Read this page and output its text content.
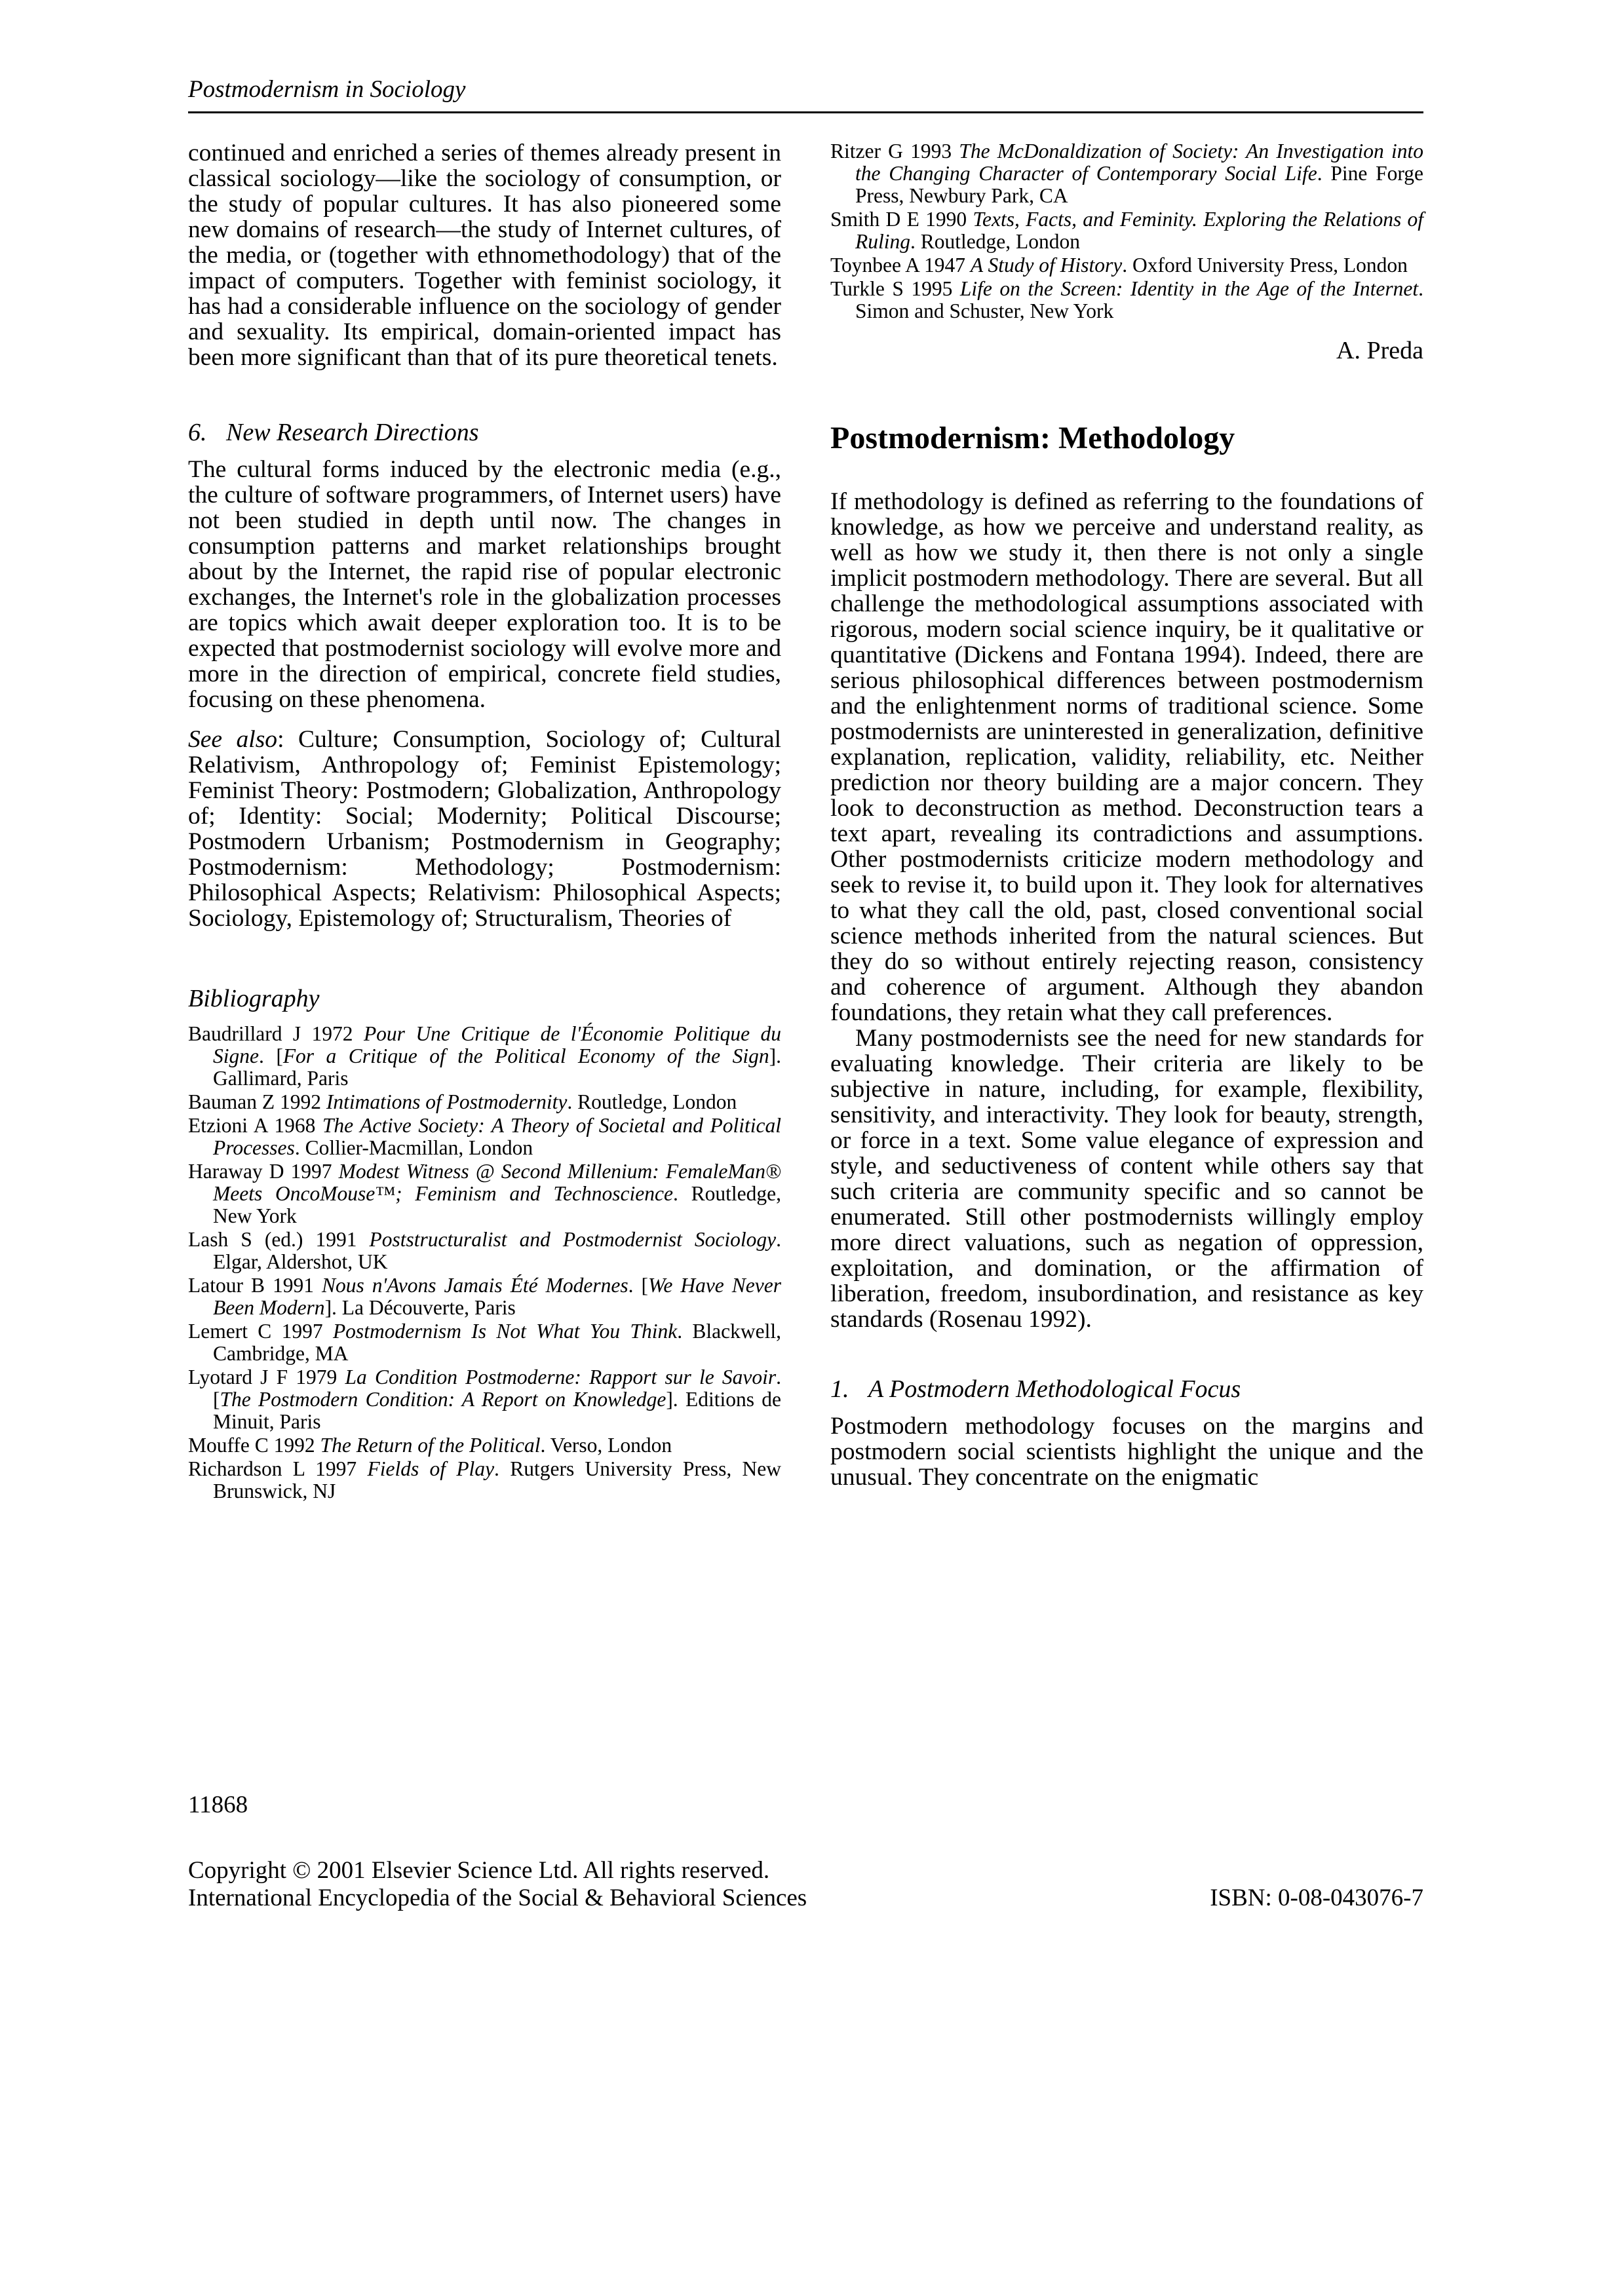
Postmodernism in Sociology

continued and enriched a series of themes already present in classical sociology—like the sociology of consumption, or the study of popular cultures. It has also pioneered some new domains of research—the study of Internet cultures, of the media, or (together with ethnomethodology) that of the impact of computers. Together with feminist sociology, it has had a considerable influence on the sociology of gender and sexuality. Its empirical, domain-oriented impact has been more significant than that of its pure theoretical tenets.

6. New Research Directions

The cultural forms induced by the electronic media (e.g., the culture of software programmers, of Internet users) have not been studied in depth until now. The changes in consumption patterns and market relationships brought about by the Internet, the rapid rise of popular electronic exchanges, the Internet's role in the globalization processes are topics which await deeper exploration too. It is to be expected that postmodernist sociology will evolve more and more in the direction of empirical, concrete field studies, focusing on these phenomena.

See also: Culture; Consumption, Sociology of; Cultural Relativism, Anthropology of; Feminist Epistemology; Feminist Theory: Postmodern; Globalization, Anthropology of; Identity: Social; Modernity; Political Discourse; Postmodern Urbanism; Postmodernism in Geography; Postmodernism: Methodology; Postmodernism: Philosophical Aspects; Relativism: Philosophical Aspects; Sociology, Epistemology of; Structuralism, Theories of

Bibliography

Baudrillard J 1972 Pour Une Critique de l'Économie Politique du Signe. [For a Critique of the Political Economy of the Sign]. Gallimard, Paris

Bauman Z 1992 Intimations of Postmodernity. Routledge, London

Etzioni A 1968 The Active Society: A Theory of Societal and Political Processes. Collier-Macmillan, London

Haraway D 1997 Modest Witness @ Second Millenium: FemaleMan® Meets OncoMouse™; Feminism and Technoscience. Routledge, New York

Lash S (ed.) 1991 Poststructuralist and Postmodernist Sociology. Elgar, Aldershot, UK

Latour B 1991 Nous n'Avons Jamais Été Modernes. [We Have Never Been Modern]. La Découverte, Paris

Lemert C 1997 Postmodernism Is Not What You Think. Blackwell, Cambridge, MA

Lyotard J F 1979 La Condition Postmoderne: Rapport sur le Savoir. [The Postmodern Condition: A Report on Knowledge]. Editions de Minuit, Paris

Mouffe C 1992 The Return of the Political. Verso, London

Richardson L 1997 Fields of Play. Rutgers University Press, New Brunswick, NJ

Ritzer G 1993 The McDonaldization of Society: An Investigation into the Changing Character of Contemporary Social Life. Pine Forge Press, Newbury Park, CA

Smith D E 1990 Texts, Facts, and Feminity. Exploring the Relations of Ruling. Routledge, London

Toynbee A 1947 A Study of History. Oxford University Press, London

Turkle S 1995 Life on the Screen: Identity in the Age of the Internet. Simon and Schuster, New York

A. Preda
Postmodernism: Methodology

If methodology is defined as referring to the foundations of knowledge, as how we perceive and understand reality, as well as how we study it, then there is not only a single implicit postmodern methodology. There are several. But all challenge the methodological assumptions associated with rigorous, modern social science inquiry, be it qualitative or quantitative (Dickens and Fontana 1994). Indeed, there are serious philosophical differences between postmodernism and the enlightenment norms of traditional science. Some postmodernists are uninterested in generalization, definitive explanation, replication, validity, reliability, etc. Neither prediction nor theory building are a major concern. They look to deconstruction as method. Deconstruction tears a text apart, revealing its contradictions and assumptions. Other postmodernists criticize modern methodology and seek to revise it, to build upon it. They look for alternatives to what they call the old, past, closed conventional social science methods inherited from the natural sciences. But they do so without entirely rejecting reason, consistency and coherence of argument. Although they abandon foundations, they retain what they call preferences.

Many postmodernists see the need for new standards for evaluating knowledge. Their criteria are likely to be subjective in nature, including, for example, flexibility, sensitivity, and interactivity. They look for beauty, strength, or force in a text. Some value elegance of expression and style, and seductiveness of content while others say that such criteria are community specific and so cannot be enumerated. Still other postmodernists willingly employ more direct valuations, such as negation of oppression, exploitation, and domination, or the affirmation of liberation, freedom, insubordination, and resistance as key standards (Rosenau 1992).

1. A Postmodern Methodological Focus

Postmodern methodology focuses on the margins and postmodern social scientists highlight the unique and the unusual. They concentrate on the enigmatic

11868
Copyright © 2001 Elsevier Science Ltd. All rights reserved.
International Encyclopedia of the Social & Behavioral Sciences	ISBN: 0-08-043076-7
